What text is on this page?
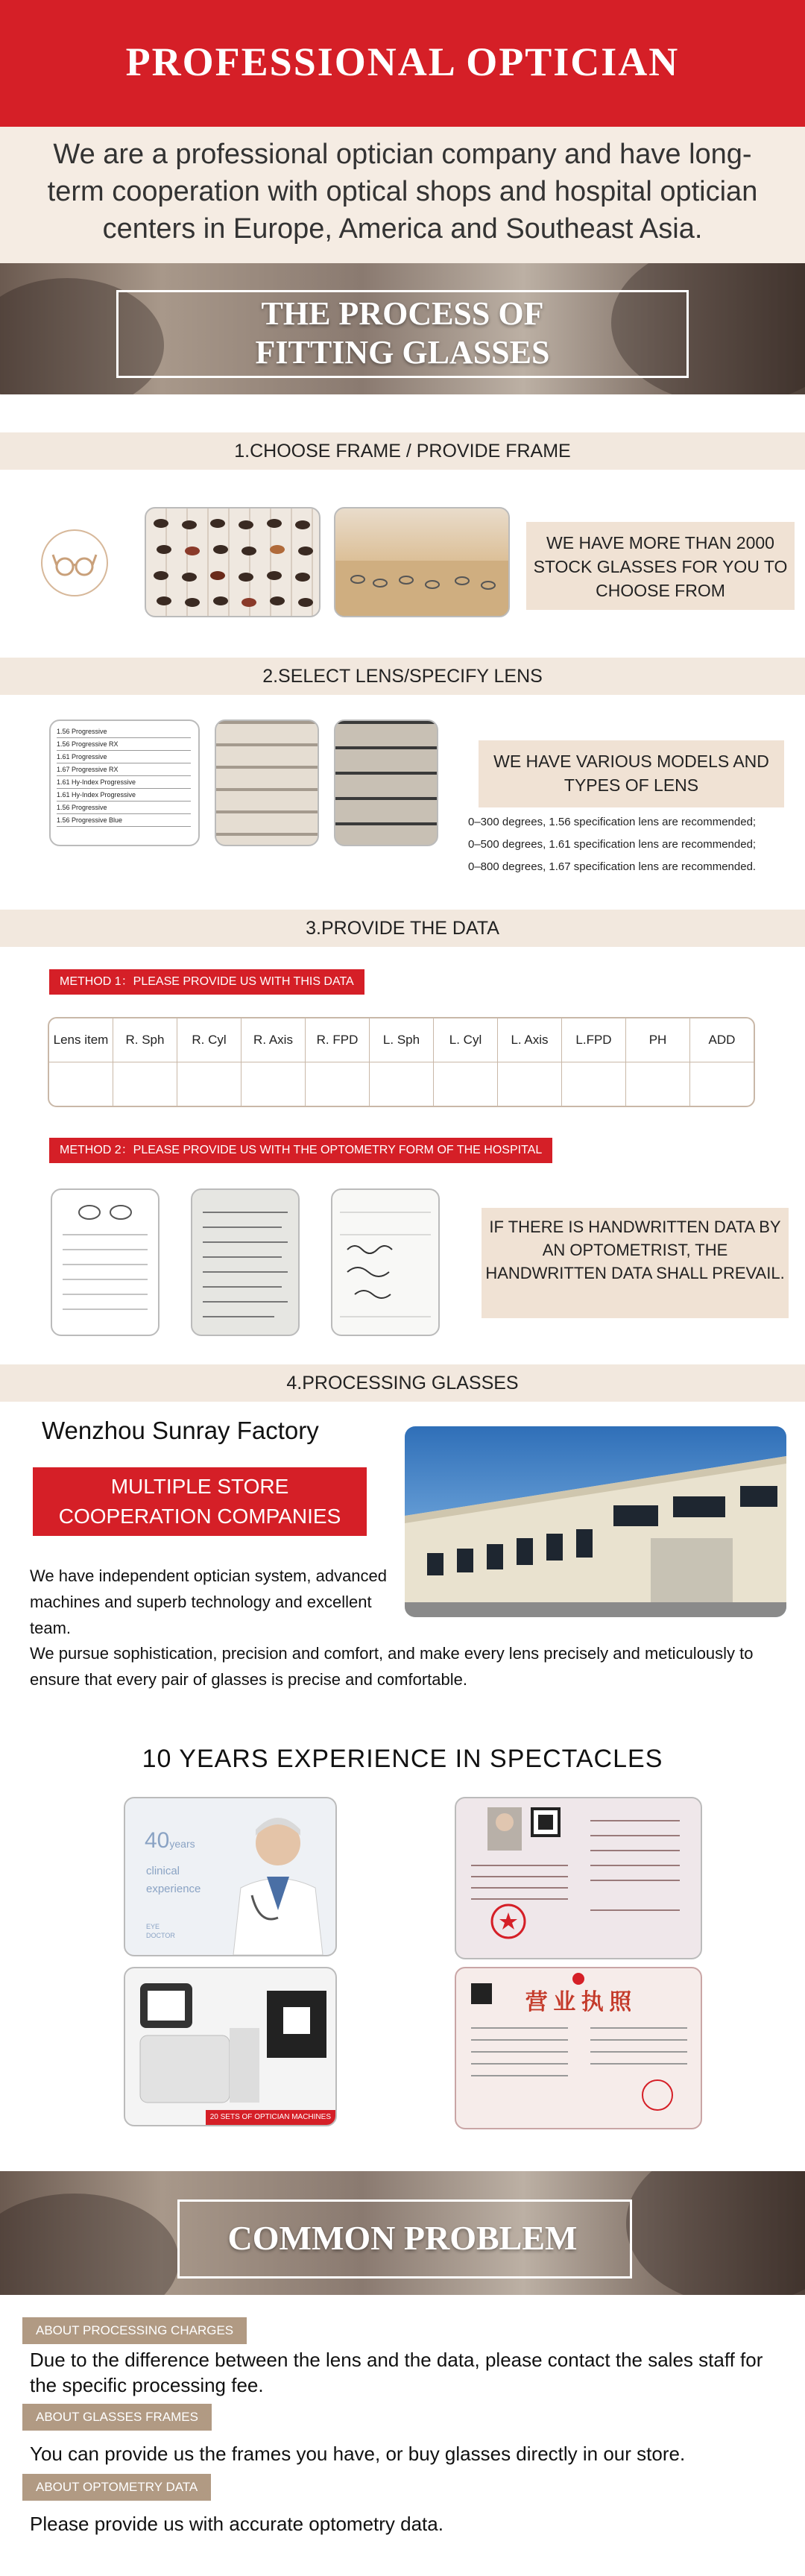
PROFESSIONAL OPTICIAN

We are a professional optician company and have long-term cooperation with optical shops and hospital optician centers in Europe, America and Southeast Asia.

THE PROCESS OF
FITTING GLASSES
1.CHOOSE FRAME / PROVIDE FRAME
WE HAVE MORE THAN 2000 STOCK GLASSES FOR YOU TO CHOOSE FROM
2.SELECT LENS/SPECIFY LENS
1.56 Progressive
1.56 Progressive RX
1.61 Progressive
1.67 Progressive RX
1.61 Hy-Index Progressive
1.61 Hy-Index Progressive
1.56 Progressive
1.56 Progressive Blue
WE HAVE VARIOUS MODELS AND TYPES OF LENS
0–300 degrees, 1.56 specification lens are recommended;
0–500 degrees, 1.61 specification lens are recommended;
0–800 degrees, 1.67 specification lens are recommended.
3.PROVIDE THE DATA
METHOD 1：PLEASE PROVIDE US WITH THIS DATA
Lens item	R. Sph	R. Cyl	R. Axis	R. FPD	L. Sph	L. Cyl	L. Axis	L.FPD	PH	ADD

METHOD 2：PLEASE PROVIDE US WITH THE OPTOMETRY FORM OF THE HOSPITAL
IF THERE IS HANDWRITTEN DATA BY AN OPTOMETRIST, THE HANDWRITTEN DATA SHALL PREVAIL.
4.PROCESSING GLASSES
Wenzhou Sunray Factory
MULTIPLE STORE COOPERATION COMPANIES
We have independent optician system, advanced machines and superb technology and excellent team.
We pursue sophistication, precision and comfort, and make every lens precisely and meticulously to ensure that every pair of glasses is precise and comfortable.
10 YEARS EXPERIENCE IN SPECTACLES
40years
clinical
experience
EYE
DOCTOR
20 SETS OF OPTICIAN MACHINES
营 业 执 照
COMMON PROBLEM
ABOUT PROCESSING CHARGES
Due to the difference between the lens and the data, please contact the sales staff for the specific processing fee.
ABOUT GLASSES FRAMES
You can provide us the frames you have, or buy glasses directly in our store.
ABOUT OPTOMETRY DATA
Please provide us with accurate optometry data.
